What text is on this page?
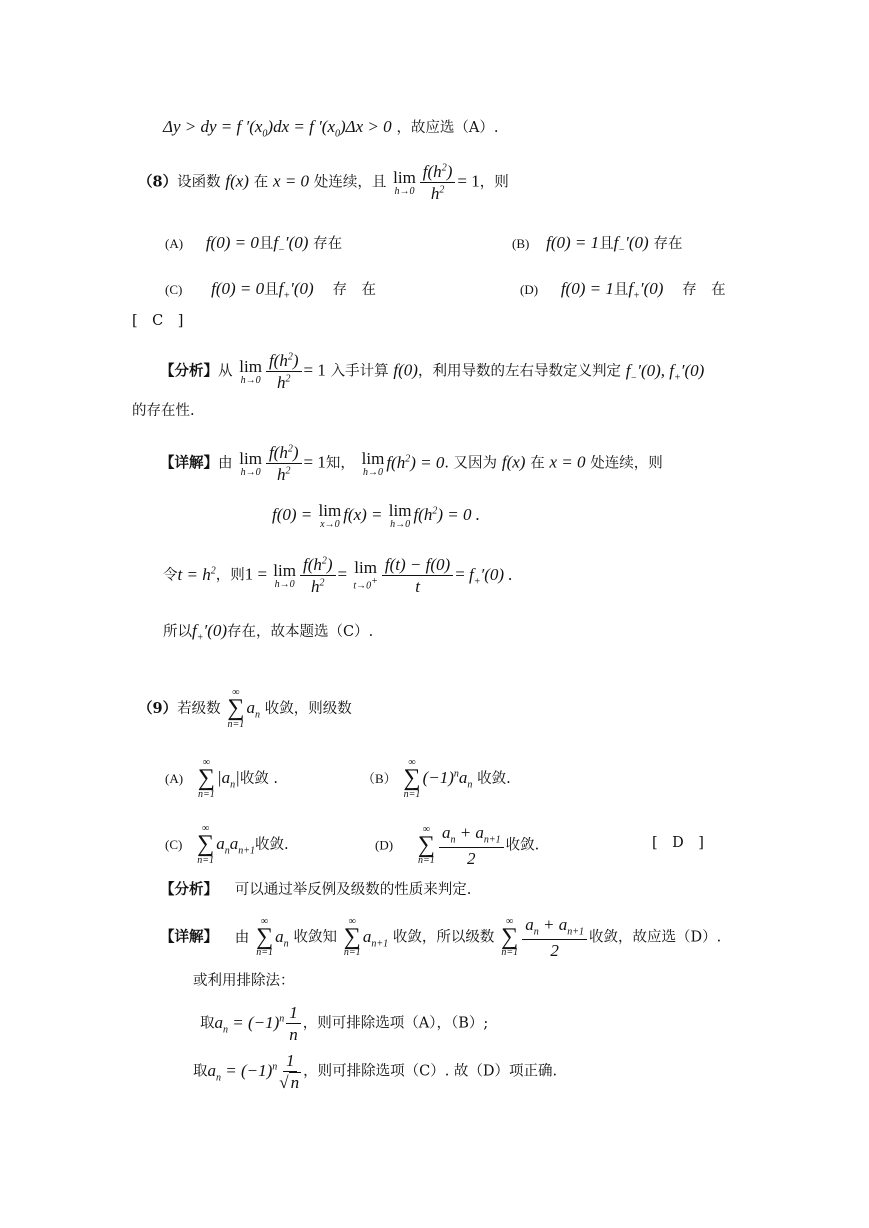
Δy > dy = f $'(x_0)dx = f$ $'(x_0)\Delta x > 0$ ，故应选（A）.
（8）设函数 f(x) 在 x = 0 处连续，且 lim
$h\to 0 \frac{f(h^2)}{h^2} = 1$，则
(A) f(0) = 0且$f_-'(0)$ 存在	(B) f(0) = 1且$f_-'(0)$ 存在
(C) f(0) = 0且$f_+'(0)$ 存　在	(D) f(0) = 1且$f_+'(0)$ 存　在
[　C　]
【分析】从 lim
$h\to 0 \frac{f(h^2)}{h^2} = 1$ 入手计算 f(0)，利用导数的左右导数定义判定 $f_-'(0)$, $f_+'(0)$
的存在性.
【详解】由 lim
$h\to 0 \frac{f(h^2)}{h^2} = 1$知， lim
h→0
$f(h^2) = 0$. 又因为 f(x) 在 x = 0 处连续，则
f(0) = lim
x→0
f(x) = lim
h→0
$f(h^2) = 0$ .
令$t = h^2$，则1 = lim
$h\to 0 \frac{f(h^2)}{h^2} = \lim$
$t\to 0^+ \frac{f(t) - f(0)}{t} = f_+'(0)$ .
所以$f_+'(0)$存在，故本题选（C）.
（9）若级数
∞
∑
n=1
$a_n$ 收敛，则级数
(A)
∞
∑
n=1
$|a_n|$收敛 .	（B）
∞
∑
n=1
$(-1)^na_n$ 收敛.
(C)
∞
∑
n=1
$a_na_{n+1}$收敛.	(D)
∞
∑
$n=1 \frac{a_n + a_{n+1}}{2}$ 收敛.	[　D　]
【分析】 可以通过举反例及级数的性质来判定.
【详解】 由
∞
∑
n=1
$a_n$ 收敛知
∞
∑
n=1
$a_{n+1}$ 收敛，所以级数
∞
∑
$n=1 \frac{a_n + a_{n+1}}{2}$ 收敛，故应选（D）.
或利用排除法：
取$a_n = (-1)^n \frac{1}{n}$ ，则可排除选项（A），（B）;
取$a_n = (-1)^n \frac{1}{√ n}$ ，则可排除选项（C）. 故（D）项正确.
